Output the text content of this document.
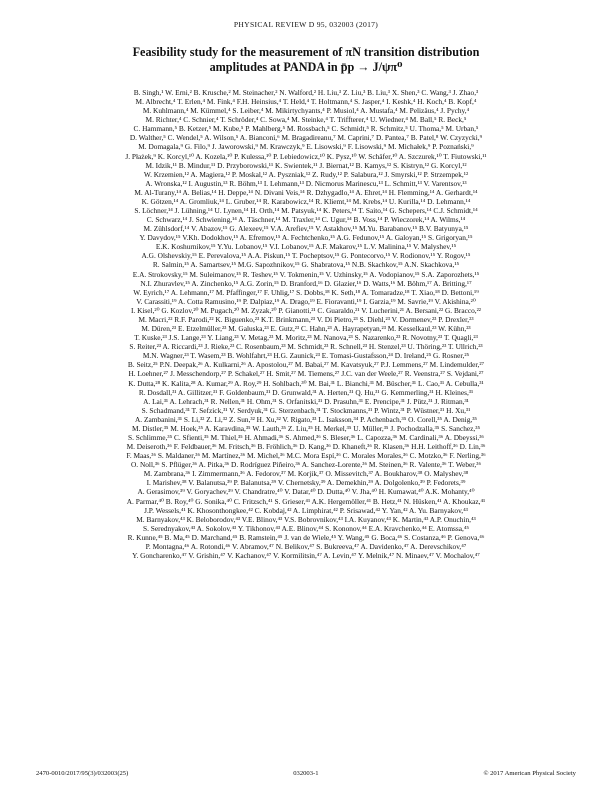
PHYSICAL REVIEW D 95, 032003 (2017)
Feasibility study for the measurement of πN transition distribution
amplitudes at PANDA in p̄p → J/ψπ⁰

B. Singh,¹ W. Erni,² B. Krusche,² M. Steinacher,² N. Walford,² H. Liu,³ Z. Liu,³ B. Liu,³ X. Shen,³ C. Wang,³ J. Zhao,³

M. Albrecht,⁴ T. Erlen,⁴ M. Fink,⁴ F.H. Heinsius,⁴ T. Held,⁴ T. Holtmann,⁴ S. Jasper,⁴ I. Keshk,⁴ H. Koch,⁴ B. Kopf,⁴

M. Kuhlmann,⁴ M. Kümmel,⁴ S. Leiber,⁴ M. Mikirtychyants,⁴ P. Musiol,⁴ A. Mustafa,⁴ M. Pelizäus,⁴ J. Pychy,⁴

M. Richter,⁴ C. Schnier,⁴ T. Schröder,⁴ C. Sowa,⁴ M. Steinke,⁴ T. Triffterer,⁴ U. Wiedner,⁴ M. Ball,⁵ R. Beck,⁵

C. Hammann,⁵ B. Ketzer,⁵ M. Kube,⁵ P. Mahlberg,⁵ M. Rossbach,⁵ C. Schmidt,⁵ R. Schmitz,⁵ U. Thoma,⁵ M. Urban,⁵

D. Walther,⁵ C. Wendel,⁵ A. Wilson,⁵ A. Bianconi,⁶ M. Bragadireanu,⁷ M. Caprini,⁷ D. Pantea,⁷ B. Patel,⁸ W. Czyzycki,⁹

M. Domagala,⁹ G. Filo,⁹ J. Jaworowski,⁹ M. Krawczyk,⁹ E. Lisowski,⁹ F. Lisowski,⁹ M. Michałek,⁹ P. Poznański,⁹

J. Płażek,⁹ K. Korcyl,¹⁰ A. Kozela,¹⁰ P. Kulessa,¹⁰ P. Lebiedowicz,¹⁰ K. Pysz,¹⁰ W. Schäfer,¹⁰ A. Szczurek,¹⁰ T. Fiutowski,¹¹

M. Idzik,¹¹ B. Mindur,¹¹ D. Przyborowski,¹¹ K. Swientek,¹¹ J. Biernat,¹² B. Kamys,¹² S. Kistryn,¹² G. Korcyl,¹²

W. Krzemien,¹² A. Magiera,¹² P. Moskal,¹² A. Pyszniak,¹² Z. Rudy,¹² P. Salabura,¹² J. Smyrski,¹² P. Strzempek,¹²

A. Wronska,¹² I. Augustin,¹³ R. Böhm,¹³ I. Lehmann,¹³ D. Nicmorus Marinescu,¹³ L. Schmitt,¹³ V. Varentsov,¹³

M. Al-Turany,¹⁴ A. Belias,¹⁴ H. Deppe,¹⁴ N. Divani Veis,¹⁴ R. Dzhygadlo,¹⁴ A. Ehret,¹⁴ H. Flemming,¹⁴ A. Gerhardt,¹⁴

K. Götzen,¹⁴ A. Gromliuk,¹⁴ L. Gruber,¹⁴ R. Karabowicz,¹⁴ R. Kliemt,¹⁴ M. Krebs,¹⁴ U. Kurilla,¹⁴ D. Lehmann,¹⁴

S. Löchner,¹⁴ J. Lühning,¹⁴ U. Lynen,¹⁴ H. Orth,¹⁴ M. Patsyuk,¹⁴ K. Peters,¹⁴ T. Saito,¹⁴ G. Schepers,¹⁴ C.J. Schmidt,¹⁴

C. Schwarz,¹⁴ J. Schwiening,¹⁴ A. Täschner,¹⁴ M. Traxler,¹⁴ C. Ugur,¹⁴ B. Voss,¹⁴ P. Wieczorek,¹⁴ A. Wilms,¹⁴

M. Zühlsdorf,¹⁴ V. Abazov,¹⁵ G. Alexeev,¹⁵ V.A. Arefiev,¹⁵ V. Astakhov,¹⁵ M.Yu. Barabanov,¹⁵ B.V. Batyunya,¹⁵

Y. Davydov,¹⁵ V.Kh. Dodokhov,¹⁵ A. Efremov,¹⁵ A. Fechtchenko,¹⁵ A.G. Fedunov,¹⁵ A. Galoyan,¹⁵ S. Grigoryan,¹⁵

E.K. Koshurnikov,¹⁵ Y.Yu. Lobanov,¹⁵ V.I. Lobanov,¹⁵ A.F. Makarov,¹⁵ L.V. Malinina,¹⁵ V. Malyshev,¹⁵

A.G. Olshevskiy,¹⁵ E. Perevalova,¹⁵ A.A. Piskun,¹⁵ T. Pocheptsov,¹⁵ G. Pontecorvo,¹⁵ V. Rodionov,¹⁵ Y. Rogov,¹⁵

R. Salmin,¹⁵ A. Samartsev,¹⁵ M.G. Sapozhnikov,¹⁵ G. Shabratova,¹⁵ N.B. Skachkov,¹⁵ A.N. Skachkova,¹⁵

E.A. Strokovsky,¹⁵ M. Suleimanov,¹⁵ R. Teshev,¹⁵ V. Tokmenin,¹⁵ V. Uzhinsky,¹⁵ A. Vodopianov,¹⁵ S.A. Zaporozhets,¹⁵

N.I. Zhuravlev,¹⁵ A. Zinchenko,¹⁵ A.G. Zorin,¹⁵ D. Branford,¹⁶ D. Glazier,¹⁶ D. Watts,¹⁶ M. Böhm,¹⁷ A. Britting,¹⁷

W. Eyrich,¹⁷ A. Lehmann,¹⁷ M. Pfaffinger,¹⁷ F. Uhlig,¹⁷ S. Dobbs,¹⁸ K. Seth,¹⁸ A. Tomaradze,¹⁸ T. Xiao,¹⁸ D. Bettoni,¹⁹

V. Carassiti,¹⁹ A. Cotta Ramusino,¹⁹ P. Dalpiaz,¹⁹ A. Drago,¹⁹ E. Fioravanti,¹⁹ I. Garzia,¹⁹ M. Savrie,¹⁹ V. Akishina,²⁰

I. Kisel,²⁰ G. Kozlov,²⁰ M. Pugach,²⁰ M. Zyzak,²⁰ P. Gianotti,²¹ C. Guaraldo,²¹ V. Lucherini,²¹ A. Bersani,²² G. Bracco,²²

M. Macri,²² R.F. Parodi,²² K. Biguenko,²³ K.T. Brinkmann,²³ V. Di Pietro,²³ S. Diehl,²³ V. Dormenev,²³ P. Drexler,²³

M. Düren,²³ E. Etzelmüller,²³ M. Galuska,²³ E. Gutz,²³ C. Hahn,²³ A. Hayrapetyan,²³ M. Kesselkaul,²³ W. Kühn,²³

T. Kuske,²³ J.S. Lange,²³ Y. Liang,²³ V. Metag,²³ M. Moritz,²³ M. Nanova,²³ S. Nazarenko,²³ R. Novotny,²³ T. Quagli,²³

S. Reiter,²³ A. Riccardi,²³ J. Rieke,²³ C. Rosenbaum,²³ M. Schmidt,²³ R. Schnell,²³ H. Stenzel,²³ U. Thöring,²³ T. Ullrich,²³

M.N. Wagner,²³ T. Wasem,²³ B. Wohlfahrt,²³ H.G. Zaunick,²³ E. Tomasi-Gustafsson,²⁴ D. Ireland,²⁵ G. Rosner,²⁵

B. Seitz,²⁵ P.N. Deepak,²⁶ A. Kulkarni,²⁶ A. Apostolou,²⁷ M. Babai,²⁷ M. Kavatsyuk,²⁷ P.J. Lemmens,²⁷ M. Lindemulder,²⁷

H. Loehner,²⁷ J. Messchendorp,²⁷ P. Schakel,²⁷ H. Smit,²⁷ M. Tiemens,²⁷ J.C. van der Weele,²⁷ R. Veenstra,²⁷ S. Vejdani,²⁷

K. Dutta,²⁸ K. Kalita,²⁸ A. Kumar,²⁹ A. Roy,²⁹ H. Sohlbach,³⁰ M. Bai,³¹ L. Bianchi,³¹ M. Büscher,³¹ L. Cao,³¹ A. Cebulla,³¹

R. Dosdall,³¹ A. Gillitzer,³¹ F. Goldenbaum,³¹ D. Grunwald,³¹ A. Herten,³¹ Q. Hu,³¹ G. Kemmerling,³¹ H. Kleines,³¹

A. Lai,³¹ A. Lehrach,³¹ R. Nellen,³¹ H. Ohm,³¹ S. Orfanitski,³¹ D. Prasuhn,³¹ E. Prencipe,³¹ J. Pütz,³¹ J. Ritman,³¹

S. Schadmand,³¹ T. Sefzick,³¹ V. Serdyuk,³¹ G. Sterzenbach,³¹ T. Stockmanns,³¹ P. Wintz,³¹ P. Wüstner,³¹ H. Xu,³¹

A. Zambanini,³¹ S. Li,³² Z. Li,³² Z. Sun,³² H. Xu,³² V. Rigato,³³ L. Isaksson,³⁴ P. Achenbach,³⁵ O. Corell,³⁵ A. Denig,³⁵

M. Distler,³⁵ M. Hoek,³⁵ A. Karavdina,³⁵ W. Lauth,³⁵ Z. Liu,³⁵ H. Merkel,³⁵ U. Müller,³⁵ J. Pochodzalla,³⁵ S. Sanchez,³⁵

S. Schlimme,³⁵ C. Sfienti,³⁵ M. Thiel,³⁵ H. Ahmadi,³⁶ S. Ahmed,³⁶ S. Bleser,³⁶ L. Capozza,³⁶ M. Cardinali,³⁶ A. Dbeyssi,³⁶

M. Deiseroth,³⁶ F. Feldbauer,³⁶ M. Fritsch,³⁶ B. Fröhlich,³⁶ D. Kang,³⁶ D. Khaneft,³⁶ R. Klasen,³⁶ H.H. Leithoff,³⁶ D. Lin,³⁶

F. Maas,³⁶ S. Maldaner,³⁶ M. Martínez,³⁶ M. Michel,³⁶ M.C. Mora Espí,³⁶ C. Morales Morales,³⁶ C. Motzko,³⁶ F. Nerling,³⁶

O. Noll,³⁶ S. Pflüger,³⁶ A. Pitka,³⁶ D. Rodríguez Piñeiro,³⁶ A. Sanchez-Lorente,³⁶ M. Steinen,³⁶ R. Valente,³⁶ T. Weber,³⁶

M. Zambrana,³⁶ I. Zimmermann,³⁶ A. Fedorov,³⁷ M. Korjik,³⁷ O. Missevitch,³⁷ A. Boukharov,³⁸ O. Malyshev,³⁸

I. Marishev,³⁸ V. Balanutsa,³⁹ P. Balanutsa,³⁹ V. Chernetsky,³⁹ A. Demekhin,³⁹ A. Dolgolenko,³⁹ P. Fedorets,³⁹

A. Gerasimov,³⁹ V. Goryachev,³⁹ V. Chandratre,⁴⁰ V. Datar,⁴⁰ D. Dutta,⁴⁰ V. Jha,⁴⁰ H. Kumawat,⁴⁰ A.K. Mohanty,⁴⁰

A. Parmar,⁴⁰ B. Roy,⁴⁰ G. Sonika,⁴⁰ C. Fritzsch,⁴¹ S. Grieser,⁴¹ A.K. Hergemöller,⁴¹ B. Hetz,⁴¹ N. Hüsken,⁴¹ A. Khoukaz,⁴¹

J.P. Wessels,⁴¹ K. Khosonthongkee,⁴² C. Kobdaj,⁴² A. Limphirat,⁴² P. Srisawad,⁴² Y. Yan,⁴² A. Yu. Barnyakov,⁴³

M. Barnyakov,⁴³ K. Beloborodov,⁴³ V.E. Blinov,⁴³ V.S. Bobrovnikov,⁴³ I.A. Kuyanov,⁴³ K. Martin,⁴³ A.P. Onuchin,⁴³

S. Serednyakov,⁴³ A. Sokolov,⁴³ Y. Tikhonov,⁴³ A.E. Blinov,⁴⁴ S. Kononov,⁴⁴ E.A. Kravchenko,⁴⁴ E. Atomssa,⁴⁵

R. Kunne,⁴⁵ B. Ma,⁴⁵ D. Marchand,⁴⁵ B. Ramstein,⁴⁵ J. van de Wiele,⁴⁵ Y. Wang,⁴⁵ G. Boca,⁴⁶ S. Costanza,⁴⁶ P. Genova,⁴⁶

P. Montagna,⁴⁶ A. Rotondi,⁴⁶ V. Abramov,⁴⁷ N. Belikov,⁴⁷ S. Bukreeva,⁴⁷ A. Davidenko,⁴⁷ A. Derevschikov,⁴⁷

Y. Goncharenko,⁴⁷ V. Grishin,⁴⁷ V. Kachanov,⁴⁷ V. Kormilitsin,⁴⁷ A. Levin,⁴⁷ Y. Melnik,⁴⁷ N. Minaev,⁴⁷ V. Mochalov,⁴⁷

2470-0010/2017/95(3)/032003(25)	032003-1	© 2017 American Physical Society
